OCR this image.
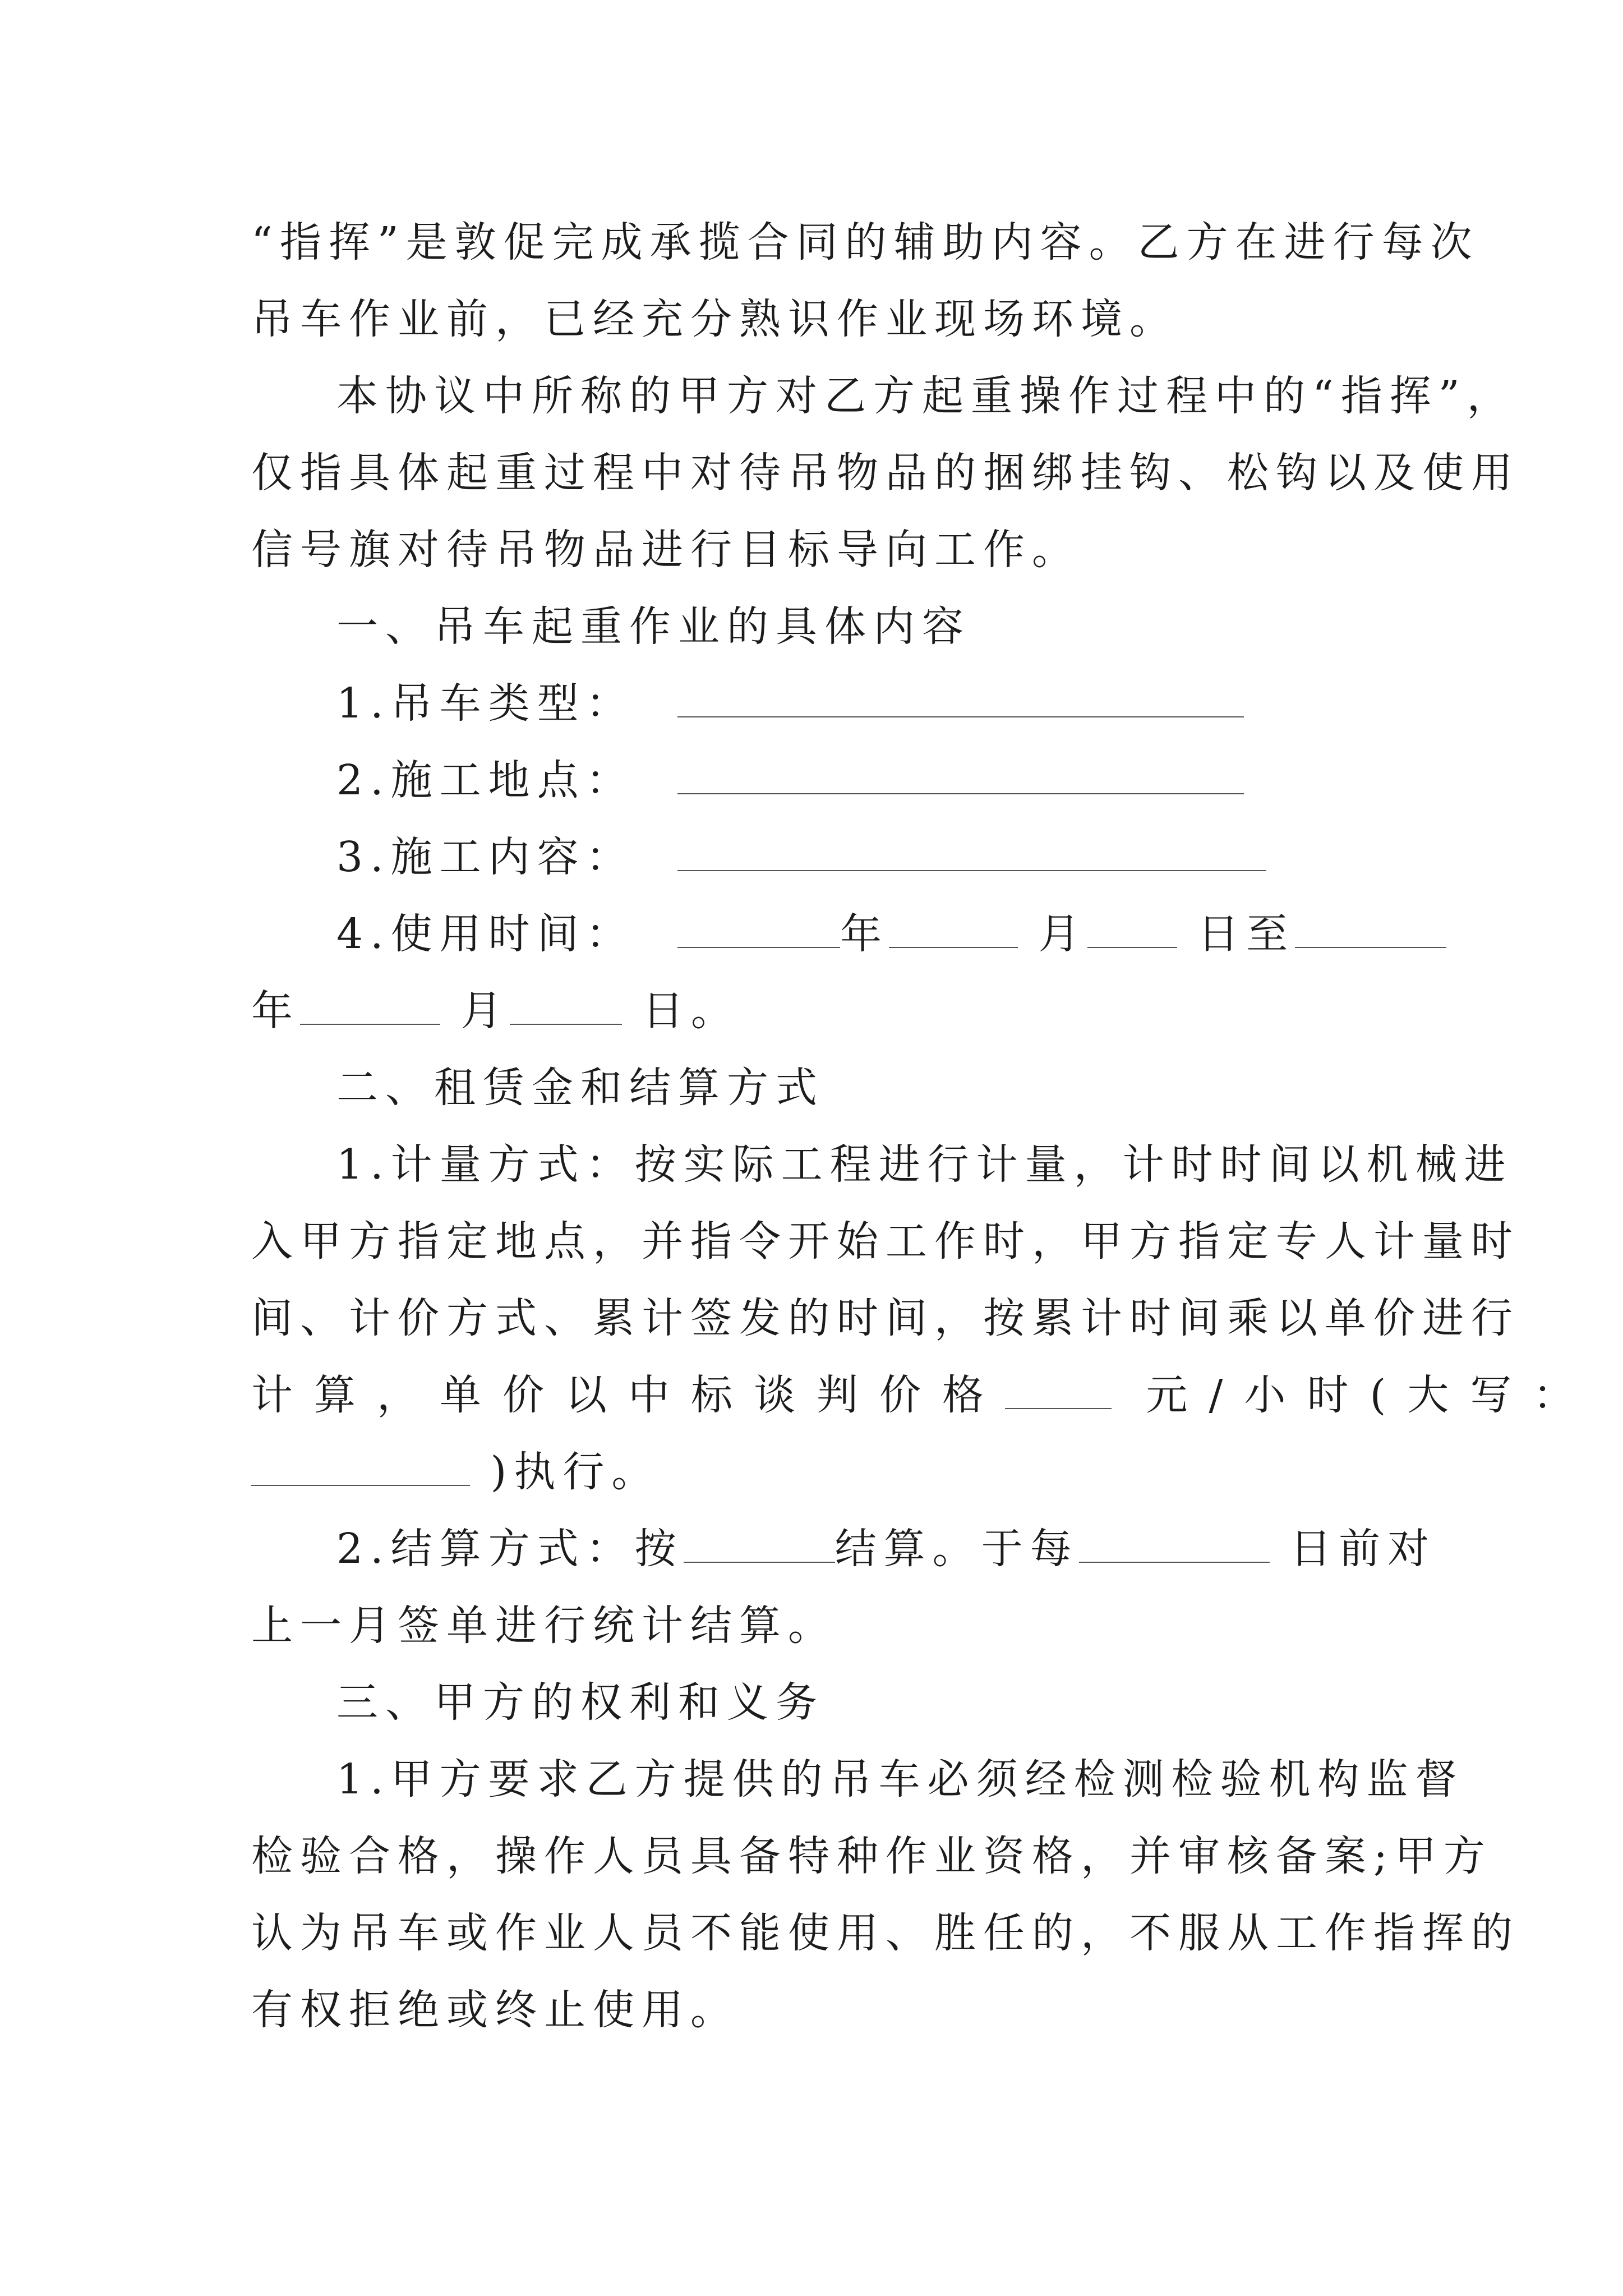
“指挥”是敦促完成承揽合同的辅助内容。乙方在进行每次
吊车作业前，已经充分熟识作业现场环境。
本协议中所称的甲方对乙方起重操作过程中的“指挥”，
仅指具体起重过程中对待吊物品的捆绑挂钩、松钩以及使用
信号旗对待吊物品进行目标导向工作。
一、吊车起重作业的具体内容
1.吊车类型：
2.施工地点：
3.施工内容：
4.使用时间：	年	月	日至
年	月	日。
二、租赁金和结算方式
1.计量方式：按实际工程进行计量，计时时间以机械进
入甲方指定地点，并指令开始工作时，甲方指定专人计量时
间、计价方式、累计签发的时间，按累计时间乘以单价进行
计算，单价以中标谈判价格	元/小时(大写：
)执行。
2.结算方式：按	结算。于每	日前对
上一月签单进行统计结算。
三、甲方的权利和义务
1.甲方要求乙方提供的吊车必须经检测检验机构监督
检验合格，操作人员具备特种作业资格，并审核备案;甲方
认为吊车或作业人员不能使用、胜任的，不服从工作指挥的
有权拒绝或终止使用。
